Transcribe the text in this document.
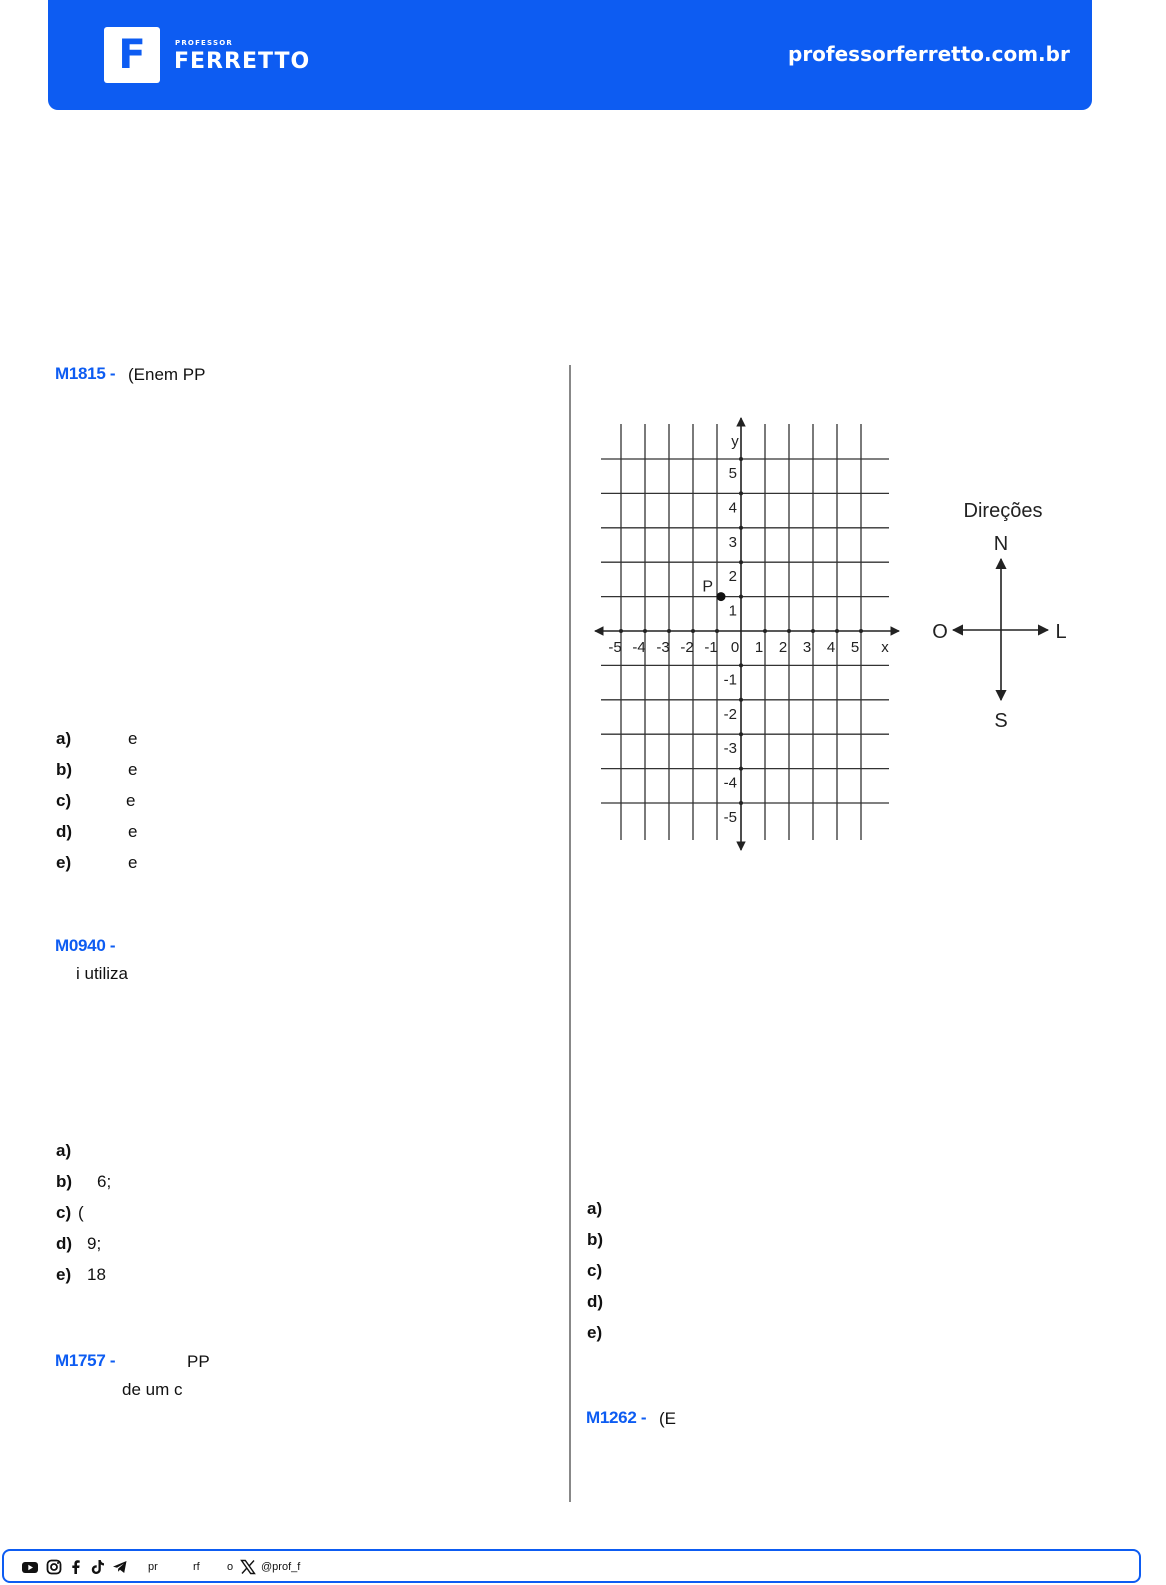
F	PROFESSOR
FERRETTO	professorferretto.com.br
M1815 - (Enem PP
a)	e
b)	e
c)	e
d)	e
e)	e
M0940 -
i utiliza
a)
b) 6;
c) (
d) 9;
e) 18
M1757 -	PP
de um c
-5 -4 -3 -2 -1 0 1 2 3 4 5
5
4
3
2
1
-1
-2
-3
-4
-5
x
y
P
Direções
N
O	L
S
a)
b)
c)
d)
e)
M1262 - (E
pr	rf o	@prof_f
